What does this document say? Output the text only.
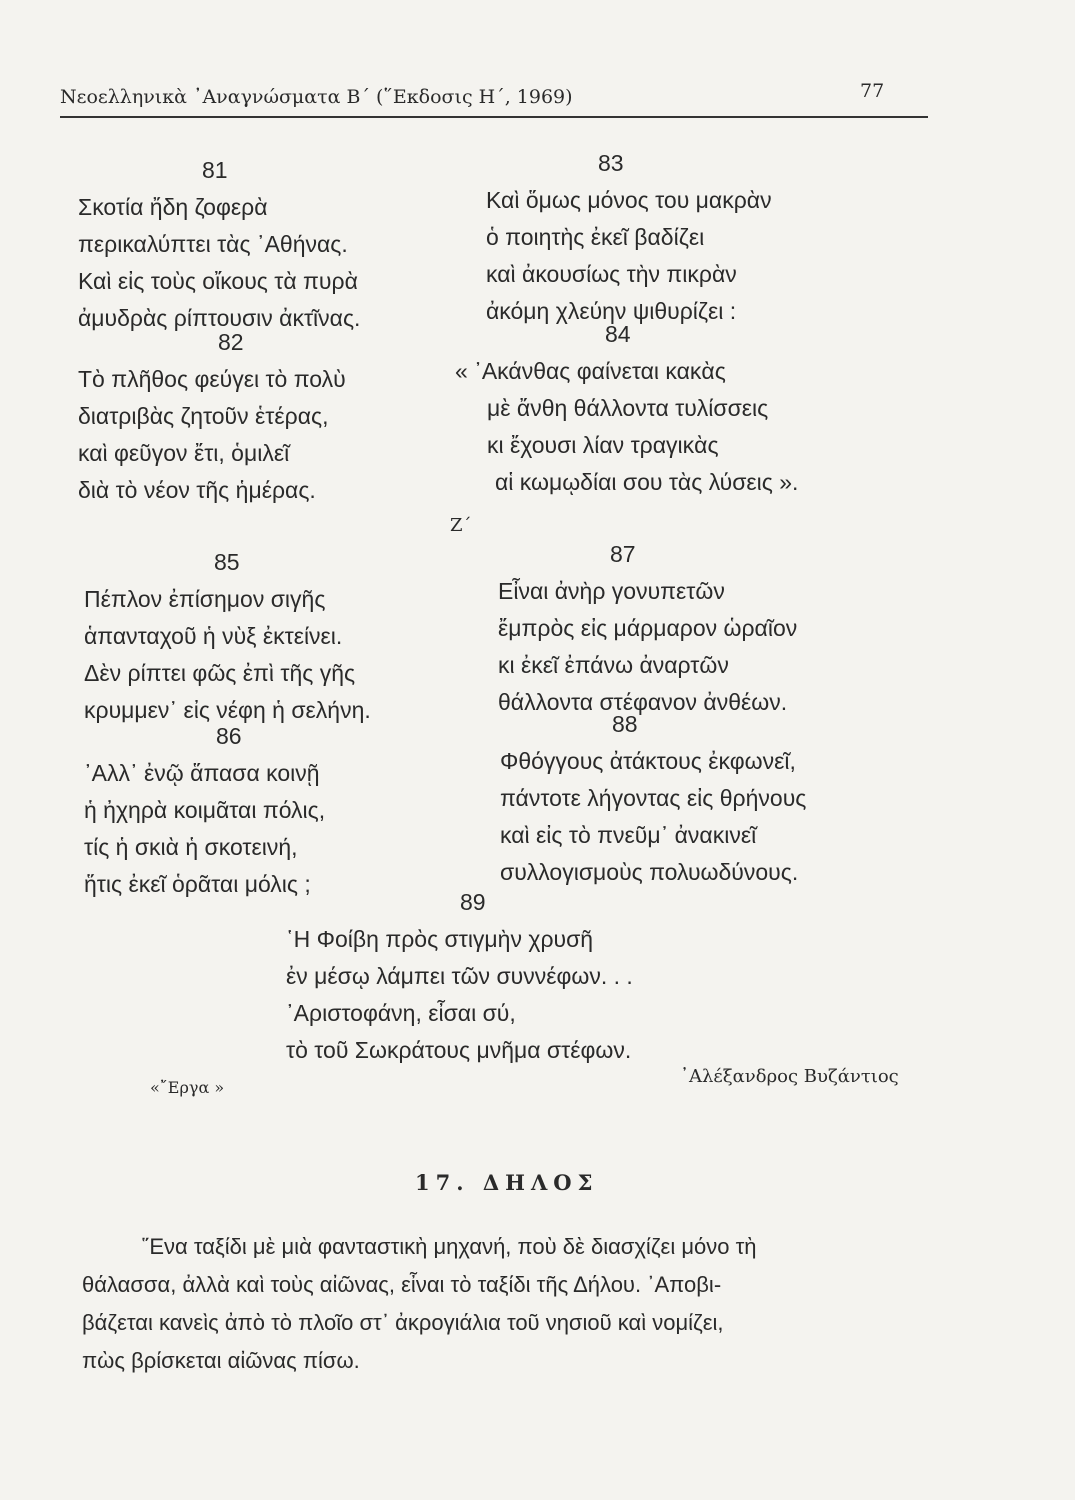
Νεοελληνικὰ ᾿Αναγνώσματα Β´ (῞Εκδοσις Η´, 1969)	77
81
Σκοτία ἤδη ζοφερὰ
περικαλύπτει τὰς ᾿Αθήνας.
Καὶ εἰς τοὺς οἴκους τὰ πυρὰ
ἀμυδρὰς ρίπτουσιν ἀκτῖνας.
82
Τὸ πλῆθος φεύγει τὸ πολὺ
διατριβὰς ζητοῦν ἑτέρας,
καὶ φεῦγον ἔτι, ὁμιλεῖ
διὰ τὸ νέον τῆς ἡμέρας.
83
Καὶ ὅμως μόνος του μακρὰν
ὁ ποιητὴς ἐκεῖ βαδίζει
καὶ ἀκουσίως τὴν πικρὰν
ἀκόμη χλεύην ψιθυρίζει :
84
« ᾿Ακάνθας φαίνεται κακὰς
μὲ ἄνθη θάλλοντα τυλίσσεις
κι ἔχουσι λίαν τραγικὰς
αἱ κωμῳδίαι σου τὰς λύσεις ».
Ζ´
85
Πέπλον ἐπίσημον σιγῆς
ἁπανταχοῦ ἡ νὺξ ἐκτείνει.
Δὲν ρίπτει φῶς ἐπὶ τῆς γῆς
κρυμμεν᾿ εἰς νέφη ἡ σελήνη.
86
᾿Αλλ᾿ ἐνῷ ἅπασα κοινῇ
ἡ ἠχηρὰ κοιμᾶται πόλις,
τίς ἡ σκιὰ ἡ σκοτεινή,
ἥτις ἐκεῖ ὁρᾶται μόλις ;
87
Εἶναι ἀνὴρ γονυπετῶν
ἔμπρὸς εἰς μάρμαρον ὡραῖον
κι ἐκεῖ ἐπάνω ἀναρτῶν
θάλλοντα στέφανον ἀνθέων.
88
Φθόγγους ἀτάκτους ἐκφωνεῖ,
πάντοτε λήγοντας εἰς θρήνους
καὶ εἰς τὸ πνεῦμ᾿ ἀνακινεῖ
συλλογισμοὺς πολυωδύνους.
89
῾Η Φοίβη πρὸς στιγμὴν χρυσῆ
ἐν μέσῳ λάμπει τῶν συννέφων. . .
᾿Αριστοφάνη, εἶσαι σύ,
τὸ τοῦ Σωκράτους μνῆμα στέφων.
«῎Εργα »
᾿Αλέξανδρος Βυζάντιος
17. ΔΗΛΟΣ
῞Ενα ταξίδι μὲ μιὰ φανταστικὴ μηχανή, ποὺ δὲ διασχίζει μόνο τὴ
θάλασσα, ἀλλὰ καὶ τοὺς αἰῶνας, εἶναι τὸ ταξίδι τῆς Δήλου. ᾿Αποβι-
βάζεται κανεὶς ἀπὸ τὸ πλοῖο στ᾿ ἀκρογιάλια τοῦ νησιοῦ καὶ νομίζει,
πὼς βρίσκεται αἰῶνας πίσω.
